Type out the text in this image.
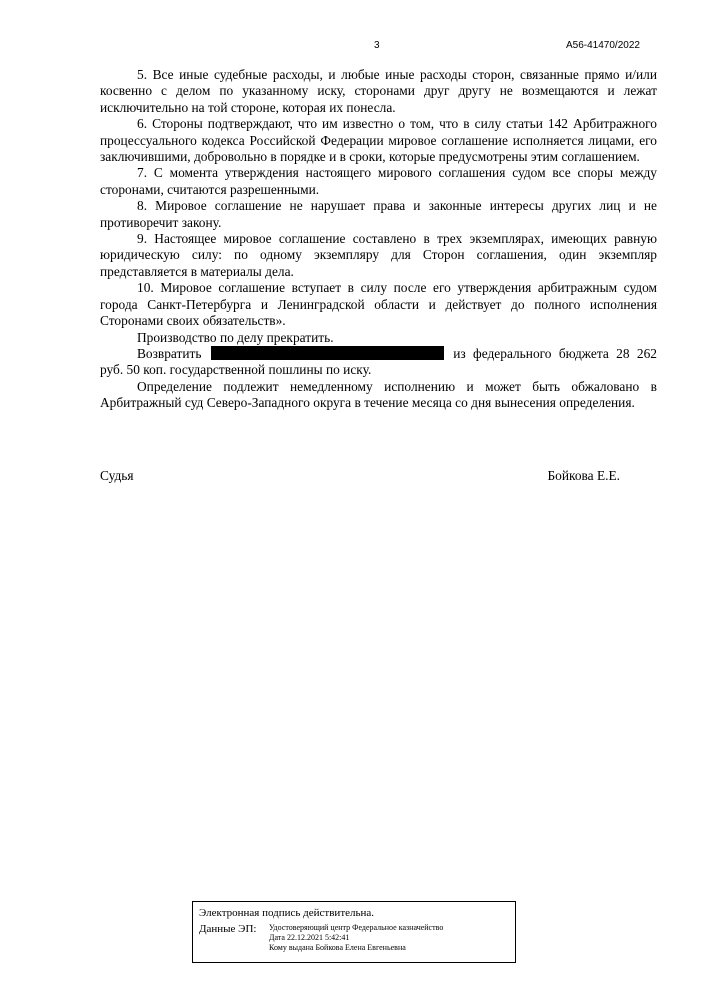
3	А56-41470/2022

5. Все иные судебные расходы, и любые иные расходы сторон, связанные прямо и/или косвенно с делом по указанному иску, сторонами друг другу не возмещаются и лежат исключительно на той стороне, которая их понесла.

6. Стороны подтверждают, что им известно о том, что в силу статьи 142 Арбитражного процессуального кодекса Российской Федерации мировое соглашение исполняется лицами, его заключившими, добровольно в порядке и в сроки, которые предусмотрены этим соглашением.

7. С момента утверждения настоящего мирового соглашения судом все споры между сторонами, считаются разрешенными.

8. Мировое соглашение не нарушает права и законные интересы других лиц и не противоречит закону.

9. Настоящее мировое соглашение составлено в трех экземплярах, имеющих равную юридическую силу: по одному экземпляру для Сторон соглашения, один экземпляр представляется в материалы дела.

10. Мировое соглашение вступает в силу после его утверждения арбитражным судом города Санкт-Петербурга и Ленинградской области и действует до полного исполнения Сторонами своих обязательств».

Производство по делу прекратить.

Возвратить	из федерального бюджета 28 262 руб. 50 коп. государственной пошлины по иску.

Определение подлежит немедленному исполнению и может быть обжаловано в Арбитражный суд Северо-Западного округа в течение месяца со дня вынесения определения.

Судья	Бойкова Е.Е.
Электронная подпись действительна.
Данные ЭП:	Удостоверяющий центр Федеральное казначейство
Дата 22.12.2021 5:42:41
Кому выдана Бойкова Елена Евгеньевна
